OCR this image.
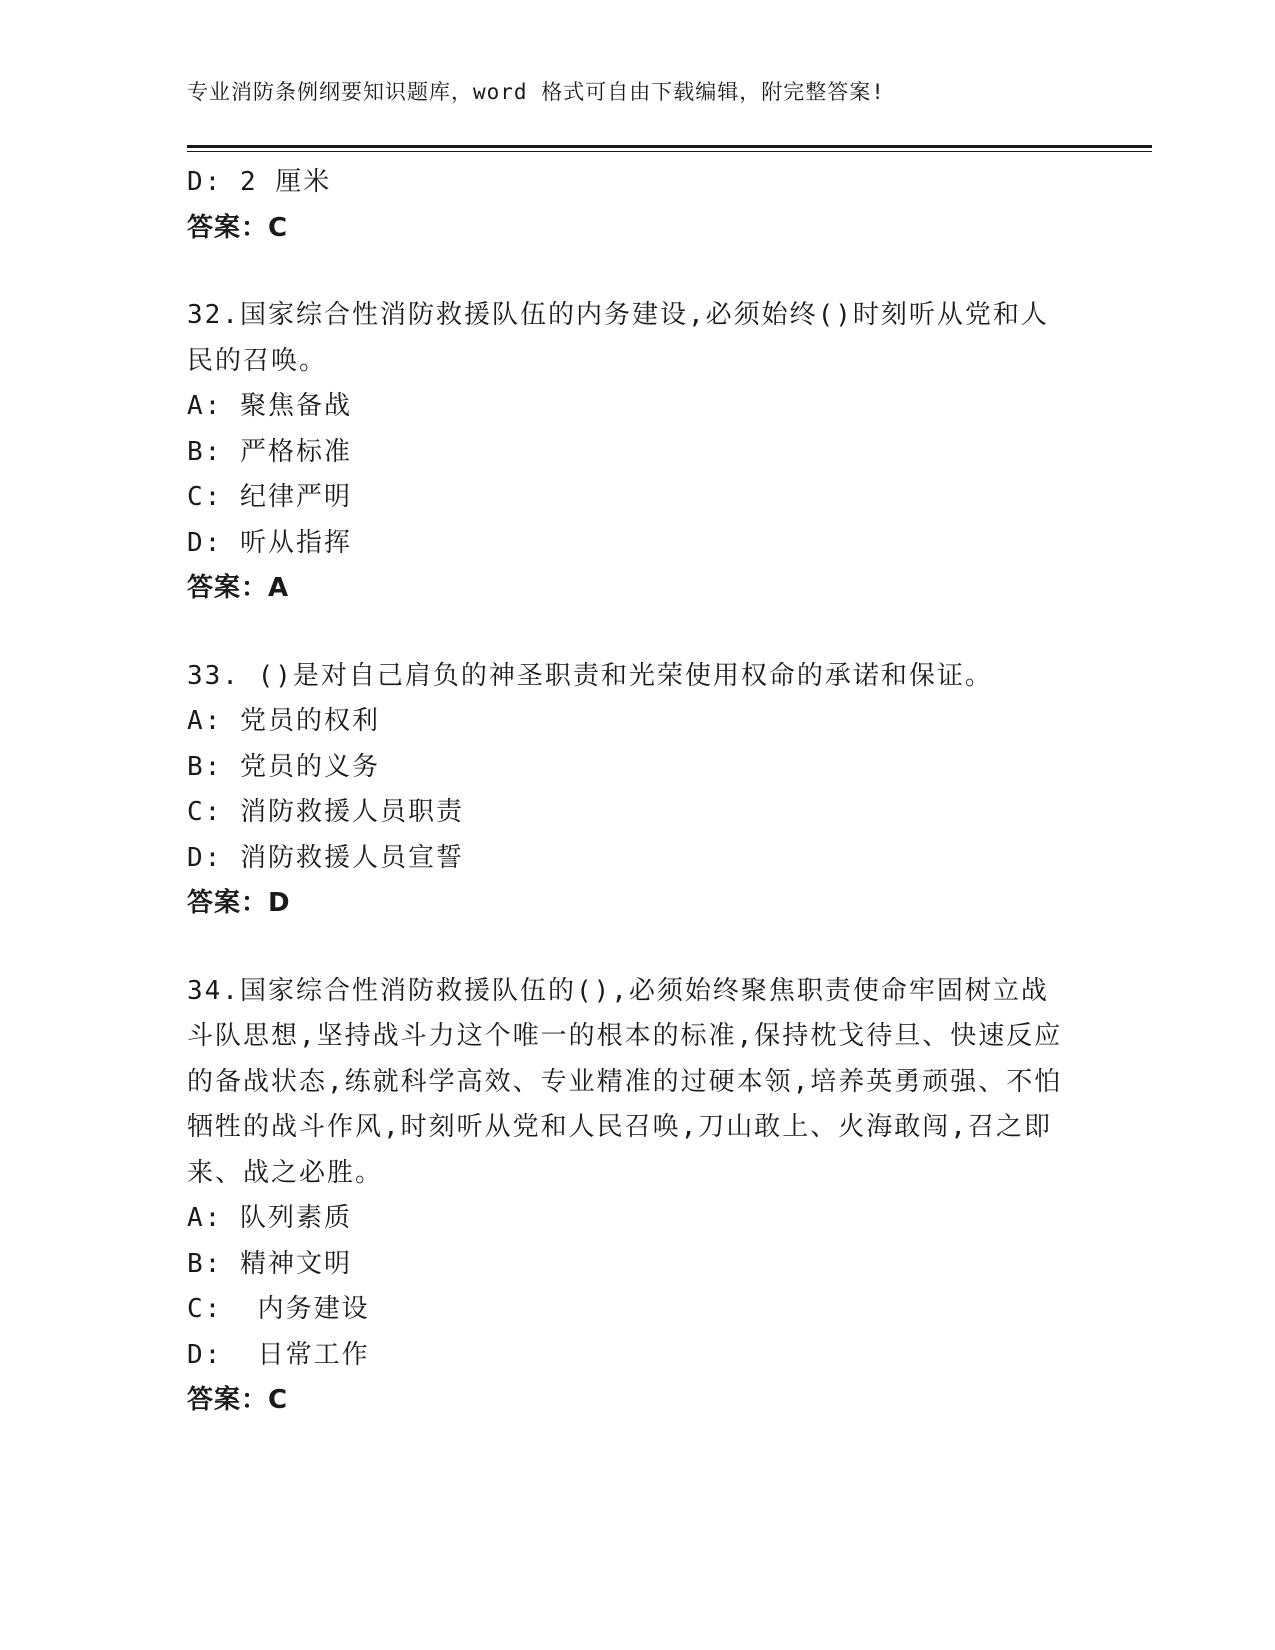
专业消防条例纲要知识题库，word 格式可自由下载编辑，附完整答案!

D: 2 厘米

答案：C

32.国家综合性消防救援队伍的内务建设,必须始终()时刻听从党和人民的召唤。

A: 聚焦备战

B: 严格标准

C: 纪律严明

D: 听从指挥

答案：A

33. ()是对自己肩负的神圣职责和光荣使用权命的承诺和保证。

A: 党员的权利

B: 党员的义务

C: 消防救援人员职责

D: 消防救援人员宣誓

答案：D

34.国家综合性消防救援队伍的(),必须始终聚焦职责使命牢固树立战斗队思想,坚持战斗力这个唯一的根本的标准,保持枕戈待旦、快速反应的备战状态,练就科学高效、专业精准的过硬本领,培养英勇顽强、不怕牺牲的战斗作风,时刻听从党和人民召唤,刀山敢上、火海敢闯,召之即来、战之必胜。

A: 队列素质

B: 精神文明

C:  内务建设

D:  日常工作

答案：C
